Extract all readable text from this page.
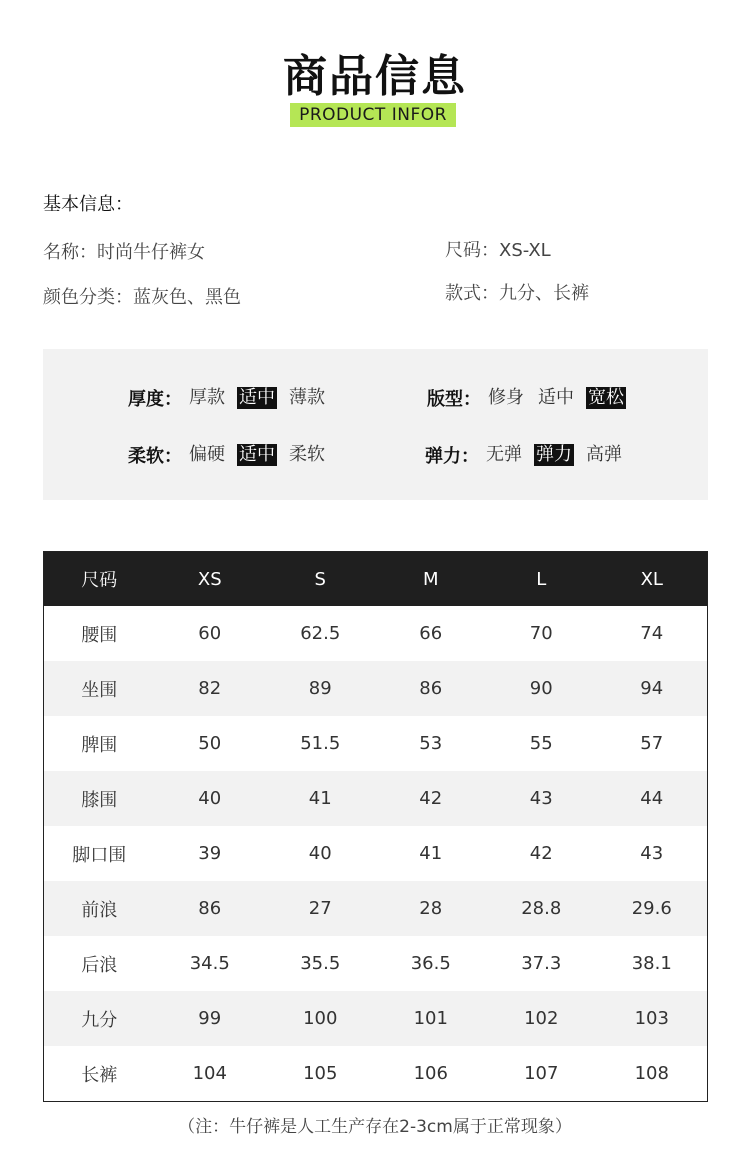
商品信息
PRODUCT INFOR
基本信息：
名称：时尚牛仔裤女
颜色分类：蓝灰色、黑色
尺码：XS-XL
款式：九分、长裤
厚度： 厚款 适中 薄款	版型： 修身 适中 宽松
柔软： 偏硬 适中 柔软	弹力： 无弹 弹力 高弹
尺码	XS	S	M	L	XL
腰围	60	62.5	66	70	74
坐围	82	89	86	90	94
脾围	50	51.5	53	55	57
膝围	40	41	42	43	44
脚口围	39	40	41	42	43
前浪	86	27	28	28.8	29.6
后浪	34.5	35.5	36.5	37.3	38.1
九分	99	100	101	102	103
长裤	104	105	106	107	108
（注：牛仔裤是人工生产存在2-3cm属于正常现象）
